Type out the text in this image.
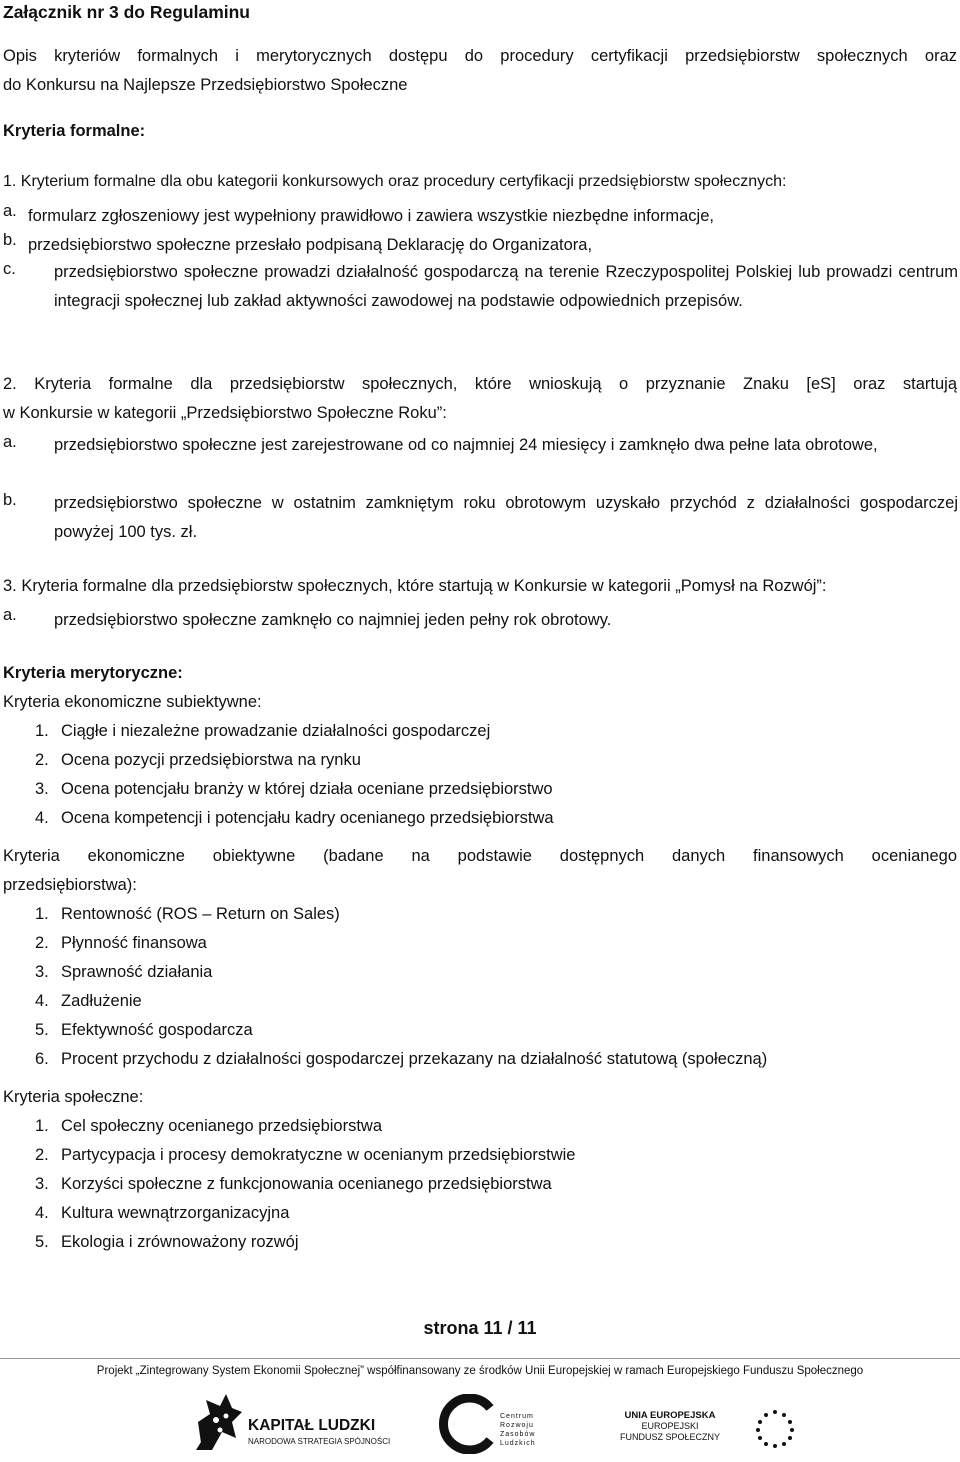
Załącznik nr 3 do Regulaminu
Opis kryteriów formalnych i merytorycznych dostępu do procedury certyfikacji przedsiębiorstw społecznych oraz
do Konkursu na Najlepsze Przedsiębiorstwo Społeczne
Kryteria formalne:
1. Kryterium formalne dla obu kategorii konkursowych oraz procedury certyfikacji przedsiębiorstw społecznych:
a. formularz zgłoszeniowy jest wypełniony prawidłowo i zawiera wszystkie niezbędne informacje,
b. przedsiębiorstwo społeczne przesłało podpisaną Deklarację do Organizatora,
c. przedsiębiorstwo społeczne prowadzi działalność gospodarczą na terenie Rzeczypospolitej Polskiej lub prowadzi centrum integracji społecznej lub zakład aktywności zawodowej na podstawie odpowiednich przepisów.
2. Kryteria formalne dla przedsiębiorstw społecznych, które wnioskują o przyznanie Znaku [eS] oraz startują
w Konkursie w kategorii „Przedsiębiorstwo Społeczne Roku”:
a. przedsiębiorstwo społeczne jest zarejestrowane od co najmniej 24 miesięcy i zamknęło dwa pełne lata obrotowe,
b. przedsiębiorstwo społeczne w ostatnim zamkniętym roku obrotowym uzyskało przychód z działalności gospodarczej powyżej 100 tys. zł.
3. Kryteria formalne dla przedsiębiorstw społecznych, które startują w Konkursie w kategorii „Pomysł na Rozwój”:
a. przedsiębiorstwo społeczne zamknęło co najmniej jeden pełny rok obrotowy.
Kryteria merytoryczne:
Kryteria ekonomiczne subiektywne:
1. Ciągłe i niezależne prowadzanie działalności gospodarczej
2. Ocena pozycji przedsiębiorstwa na rynku
3. Ocena potencjału branży w której działa oceniane przedsiębiorstwo
4. Ocena kompetencji i potencjału kadry ocenianego przedsiębiorstwa
Kryteria ekonomiczne obiektywne (badane na podstawie dostępnych danych finansowych ocenianego
przedsiębiorstwa):
1. Rentowność (ROS – Return on Sales)
2. Płynność finansowa
3. Sprawność działania
4. Zadłużenie
5. Efektywność gospodarcza
6. Procent przychodu z działalności gospodarczej przekazany na działalność statutową (społeczną)
Kryteria społeczne:
1. Cel społeczny ocenianego przedsiębiorstwa
2. Partycypacja i procesy demokratyczne w ocenianym przedsiębiorstwie
3. Korzyści społeczne z funkcjonowania ocenianego przedsiębiorstwa
4. Kultura wewnątrzorganizacyjna
5. Ekologia i zrównoważony rozwój
strona 11 / 11
Projekt „Zintegrowany System Ekonomii Społecznej” współfinansowany ze środków Unii Europejskiej w ramach Europejskiego Funduszu Społecznego
KAPITAŁ LUDZKI
NARODOWA STRATEGIA SPÓJNOŚCI
Centrum Rozwoju Zasobów Ludzkich
UNIA EUROPEJSKA
EUROPEJSKI
FUNDUSZ SPOŁECZNY
